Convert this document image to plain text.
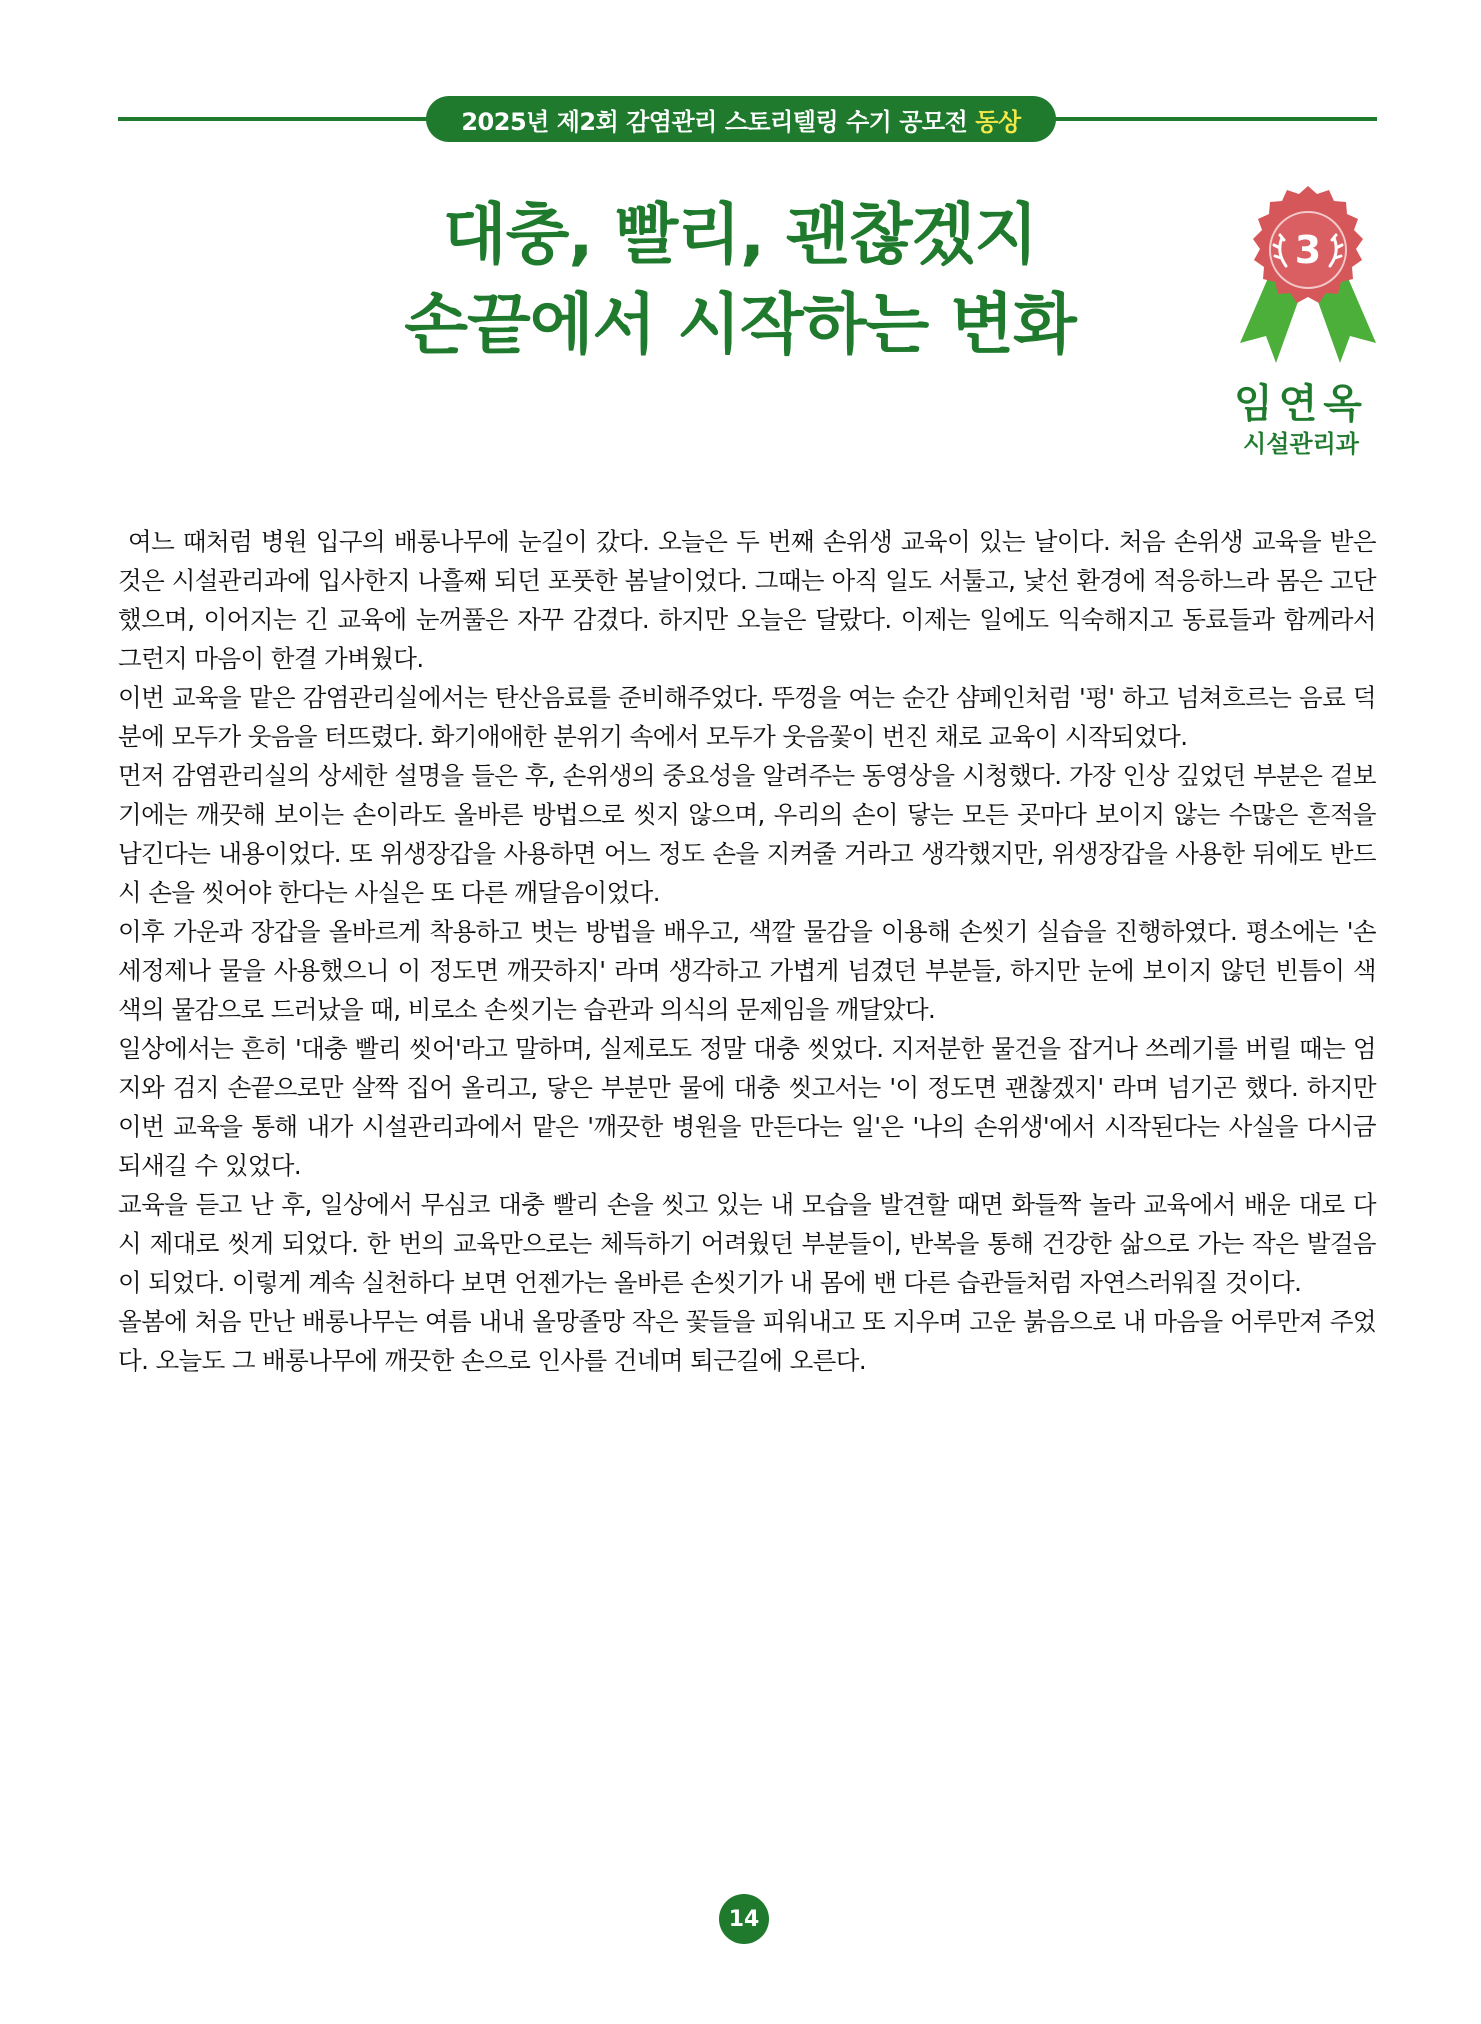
2025년 제2회 감염관리 스토리텔링 수기 공모전 동상
대충, 빨리, 괜찮겠지
손끝에서 시작하는 변화
3
임연옥
시설관리과

여느 때처럼 병원 입구의 배롱나무에 눈길이 갔다. 오늘은 두 번째 손위생 교육이 있는 날이다. 처음 손위생 교육을 받은 것은 시설관리과에 입사한지 나흘째 되던 포풋한 봄날이었다. 그때는 아직 일도 서툴고, 낯선 환경에 적응하느라 몸은 고단했으며, 이어지는 긴 교육에 눈꺼풀은 자꾸 감겼다. 하지만 오늘은 달랐다. 이제는 일에도 익숙해지고 동료들과 함께라서 그런지 마음이 한결 가벼웠다.

이번 교육을 맡은 감염관리실에서는 탄산음료를 준비해주었다. 뚜껑을 여는 순간 샴페인처럼 '펑' 하고 넘쳐흐르는 음료 덕분에 모두가 웃음을 터뜨렸다. 화기애애한 분위기 속에서 모두가 웃음꽃이 번진 채로 교육이 시작되었다.

먼저 감염관리실의 상세한 설명을 들은 후, 손위생의 중요성을 알려주는 동영상을 시청했다. 가장 인상 깊었던 부분은 겉보기에는 깨끗해 보이는 손이라도 올바른 방법으로 씻지 않으며, 우리의 손이 닿는 모든 곳마다 보이지 않는 수많은 흔적을 남긴다는 내용이었다. 또 위생장갑을 사용하면 어느 정도 손을 지켜줄 거라고 생각했지만, 위생장갑을 사용한 뒤에도 반드시 손을 씻어야 한다는 사실은 또 다른 깨달음이었다.

이후 가운과 장갑을 올바르게 착용하고 벗는 방법을 배우고, 색깔 물감을 이용해 손씻기 실습을 진행하였다. 평소에는 '손 세정제나 물을 사용했으니 이 정도면 깨끗하지' 라며 생각하고 가볍게 넘겼던 부분들, 하지만 눈에 보이지 않던 빈틈이 색색의 물감으로 드러났을 때, 비로소 손씻기는 습관과 의식의 문제임을 깨달았다.

일상에서는 흔히 '대충 빨리 씻어'라고 말하며, 실제로도 정말 대충 씻었다. 지저분한 물건을 잡거나 쓰레기를 버릴 때는 엄지와 검지 손끝으로만 살짝 집어 올리고, 닿은 부분만 물에 대충 씻고서는 '이 정도면 괜찮겠지' 라며 넘기곤 했다. 하지만 이번 교육을 통해 내가 시설관리과에서 맡은 '깨끗한 병원을 만든다는 일'은 '나의 손위생'에서 시작된다는 사실을 다시금 되새길 수 있었다.

교육을 듣고 난 후, 일상에서 무심코 대충 빨리 손을 씻고 있는 내 모습을 발견할 때면 화들짝 놀라 교육에서 배운 대로 다시 제대로 씻게 되었다. 한 번의 교육만으로는 체득하기 어려웠던 부분들이, 반복을 통해 건강한 삶으로 가는 작은 발걸음이 되었다. 이렇게 계속 실천하다 보면 언젠가는 올바른 손씻기가 내 몸에 밴 다른 습관들처럼 자연스러워질 것이다.

올봄에 처음 만난 배롱나무는 여름 내내 올망졸망 작은 꽃들을 피워내고 또 지우며 고운 붉음으로 내 마음을 어루만져 주었다. 오늘도 그 배롱나무에 깨끗한 손으로 인사를 건네며 퇴근길에 오른다.

14
